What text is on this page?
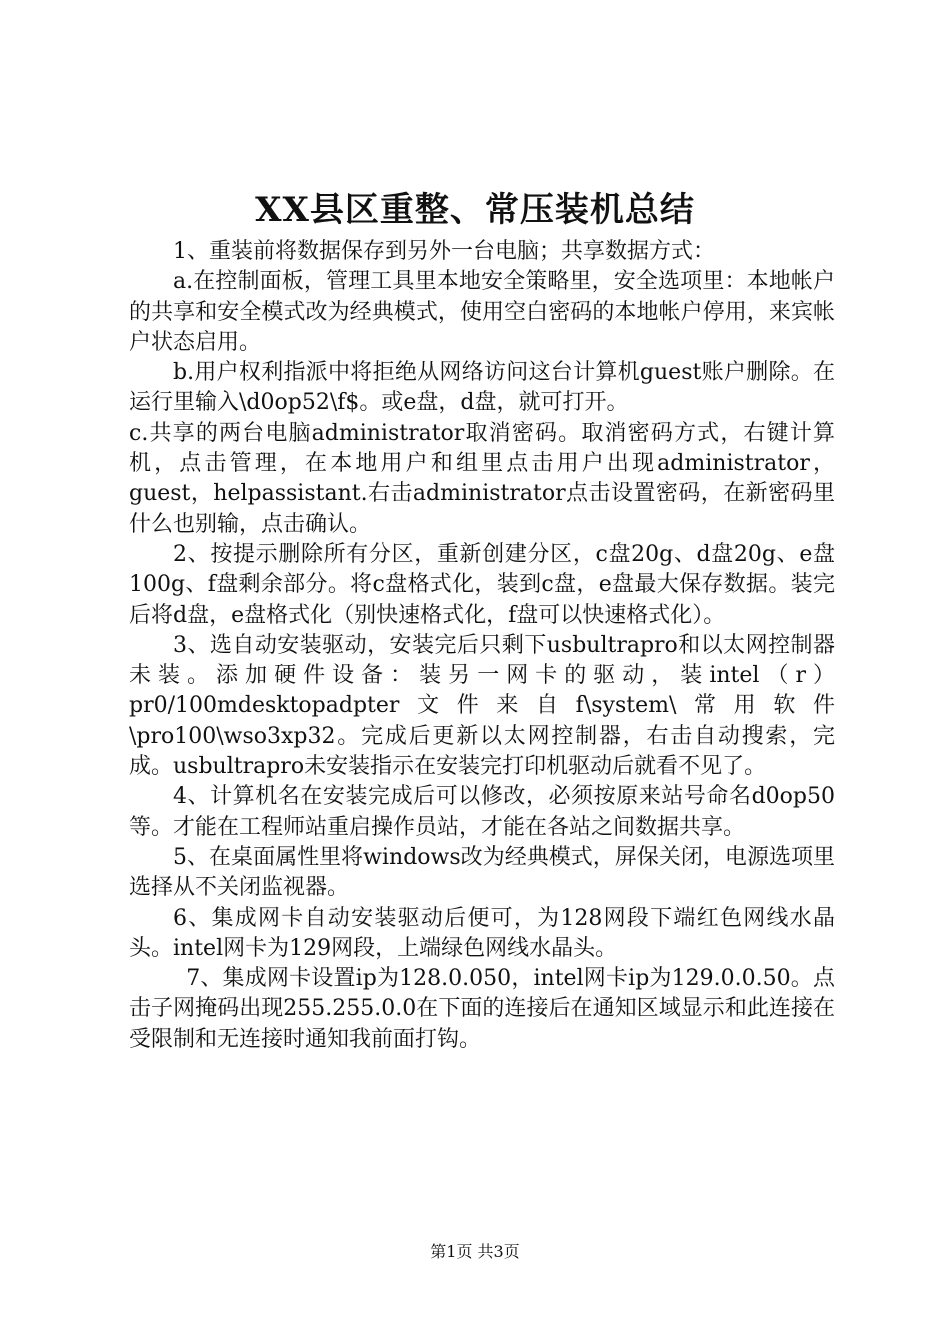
XX县区重整、常压装机总结

1、重装前将数据保存到另外一台电脑；共享数据方式：

a.在控制面板，管理工具里本地安全策略里，安全选项里：本地帐户的共享和安全模式改为经典模式，使用空白密码的本地帐户停用，来宾帐户状态启用。

b.用户权利指派中将拒绝从网络访问这台计算机guest账户删除。在运行里输入\d0op52\f$。或e盘，d盘，就可打开。

c.共享的两台电脑administrator取消密码。取消密码方式，右键计算机，点击管理，在本地用户和组里点击用户出现administrator，guest，helpassistant.右击administrator点击设置密码，在新密码里什么也别输，点击确认。

2、按提示删除所有分区，重新创建分区，c盘20g、d盘20g、e盘100g、f盘剩余部分。将c盘格式化，装到c盘，e盘最大保存数据。装完后将d盘，e盘格式化（别快速格式化，f盘可以快速格式化）。

3、选自动安装驱动，安装完后只剩下usbultrapro和以太网控制器未装。添加硬件设备：装另一网卡的驱动，装intel（r）pr0/100mdesktopadpter文件来自f\system\常用软件\pro100\wso3xp32。完成后更新以太网控制器，右击自动搜索，完成。usbultrapro未安装指示在安装完打印机驱动后就看不见了。

4、计算机名在安装完成后可以修改，必须按原来站号命名d0op50等。才能在工程师站重启操作员站，才能在各站之间数据共享。

5、在桌面属性里将windows改为经典模式，屏保关闭，电源选项里选择从不关闭监视器。

6、集成网卡自动安装驱动后便可，为128网段下端红色网线水晶头。intel网卡为129网段，上端绿色网线水晶头。

7、集成网卡设置ip为128.0.050，intel网卡ip为129.0.0.50。点击子网掩码出现255.255.0.0在下面的连接后在通知区域显示和此连接在受限制和无连接时通知我前面打钩。

第1页 共3页
